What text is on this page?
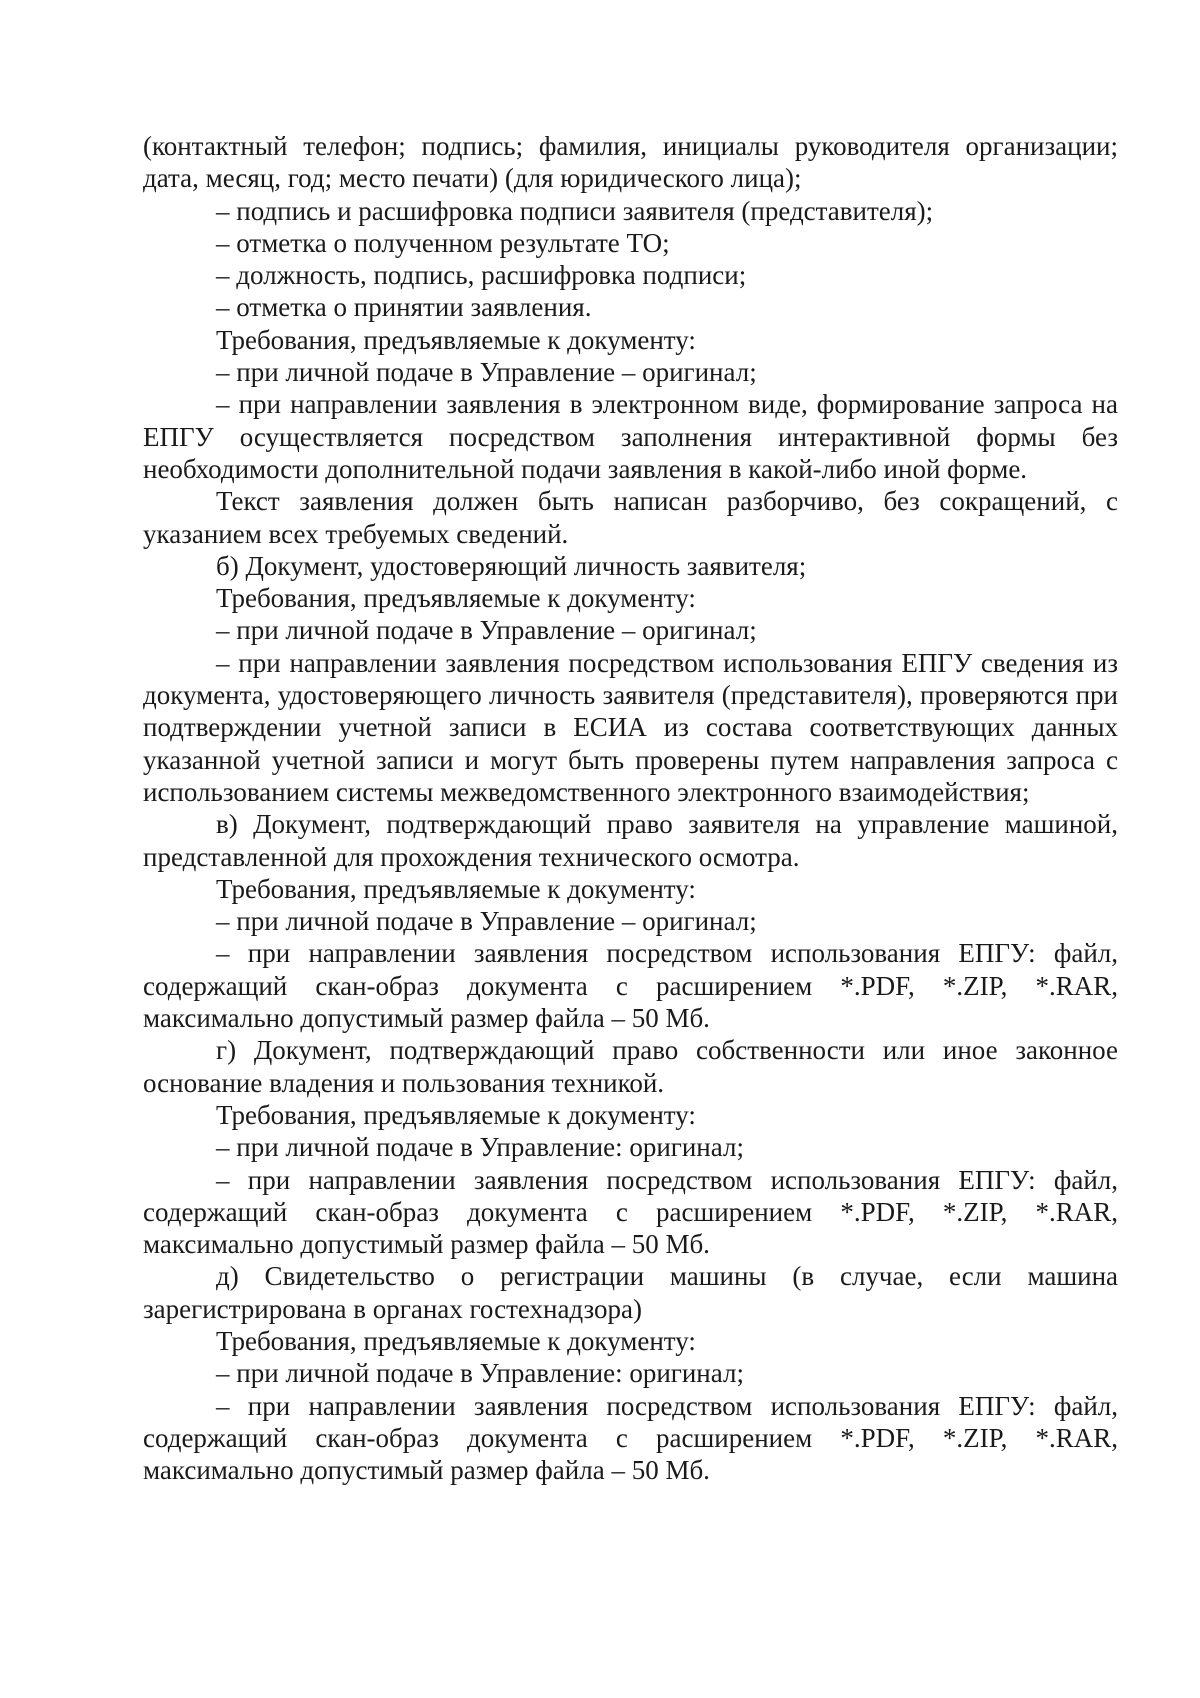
(контактный телефон; подпись; фамилия, инициалы руководителя организации; дата, месяц, год; место печати) (для юридического лица);

– подпись и расшифровка подписи заявителя (представителя);

– отметка о полученном результате ТО;

– должность, подпись, расшифровка подписи;

– отметка о принятии заявления.

Требования, предъявляемые к документу:

– при личной подаче в Управление – оригинал;

– при направлении заявления в электронном виде, формирование запроса на ЕПГУ осуществляется посредством заполнения интерактивной формы без необходимости дополнительной подачи заявления в какой-либо иной форме.

Текст заявления должен быть написан разборчиво, без сокращений, с указанием всех требуемых сведений.

б) Документ, удостоверяющий личность заявителя;

Требования, предъявляемые к документу:

– при личной подаче в Управление – оригинал;

– при направлении заявления посредством использования ЕПГУ сведения из документа, удостоверяющего личность заявителя (представителя), проверяются при подтверждении учетной записи в ЕСИА из состава соответствующих данных указанной учетной записи и могут быть проверены путем направления запроса с использованием системы межведомственного электронного взаимодействия;

в) Документ, подтверждающий право заявителя на управление машиной, представленной для прохождения технического осмотра.

Требования, предъявляемые к документу:

– при личной подаче в Управление – оригинал;

– при направлении заявления посредством использования ЕПГУ: файл, содержащий скан-образ документа с расширением *.PDF, *.ZIP, *.RAR, максимально допустимый размер файла – 50 Мб.

г) Документ, подтверждающий право собственности или иное законное основание владения и пользования техникой.

Требования, предъявляемые к документу:

– при личной подаче в Управление: оригинал;

– при направлении заявления посредством использования ЕПГУ: файл, содержащий скан-образ документа с расширением *.PDF, *.ZIP, *.RAR, максимально допустимый размер файла – 50 Мб.

д) Свидетельство о регистрации машины (в случае, если машина зарегистрирована в органах гостехнадзора)

Требования, предъявляемые к документу:

– при личной подаче в Управление: оригинал;

– при направлении заявления посредством использования ЕПГУ: файл, содержащий скан-образ документа с расширением *.PDF, *.ZIP, *.RAR, максимально допустимый размер файла – 50 Мб.
